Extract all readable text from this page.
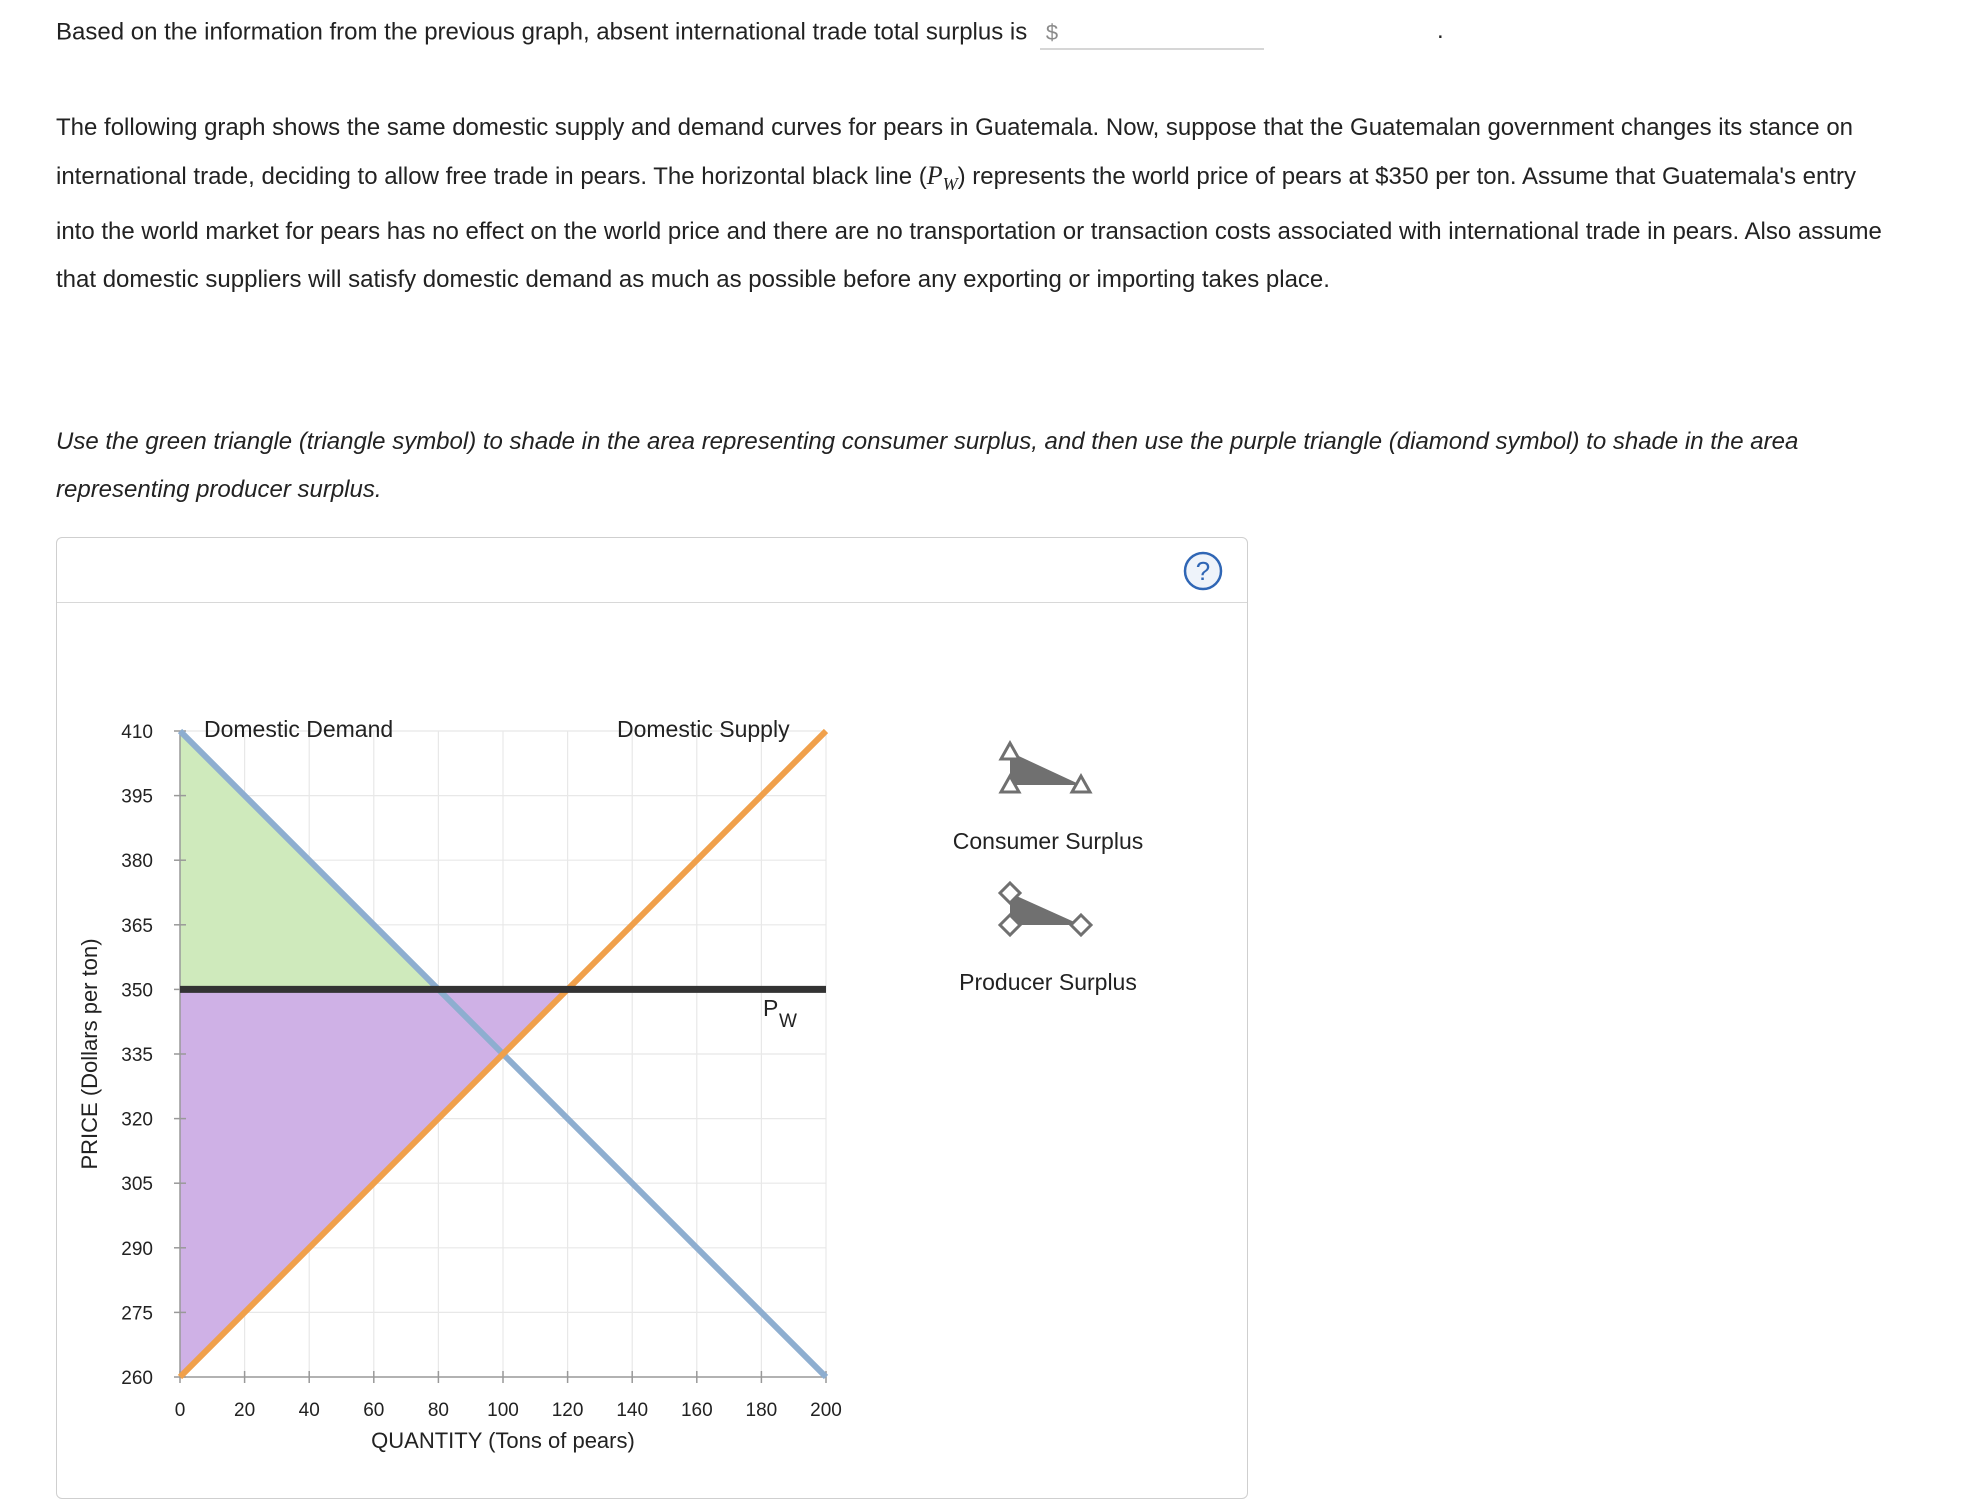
Based on the information from the previous graph, absent international trade total surplus is $	.
The following graph shows the same domestic supply and demand curves for pears in Guatemala. Now, suppose that the Guatemalan government changes its stance on international trade, deciding to allow free trade in pears. The horizontal black line $(P_W)$ represents the world price of pears at $350 per ton. Assume that Guatemala's entry into the world market for pears has no effect on the world price and there are no transportation or transaction costs associated with international trade in pears. Also assume that domestic suppliers will satisfy domestic demand as much as possible before any exporting or importing takes place.
Use the green triangle (triangle symbol) to shade in the area representing consumer surplus, and then use the purple triangle (diamond symbol) to shade in the area representing producer surplus.
?
0	20 40 60 80 100 120 140 160 180 200
260
275
290
305
320
335
350
365
380
395
410
QUANTITY (Tons of pears)
PRICE (Dollars per ton)
Domestic Demand	Domestic Supply
P
W
Consumer Surplus
Producer Surplus
